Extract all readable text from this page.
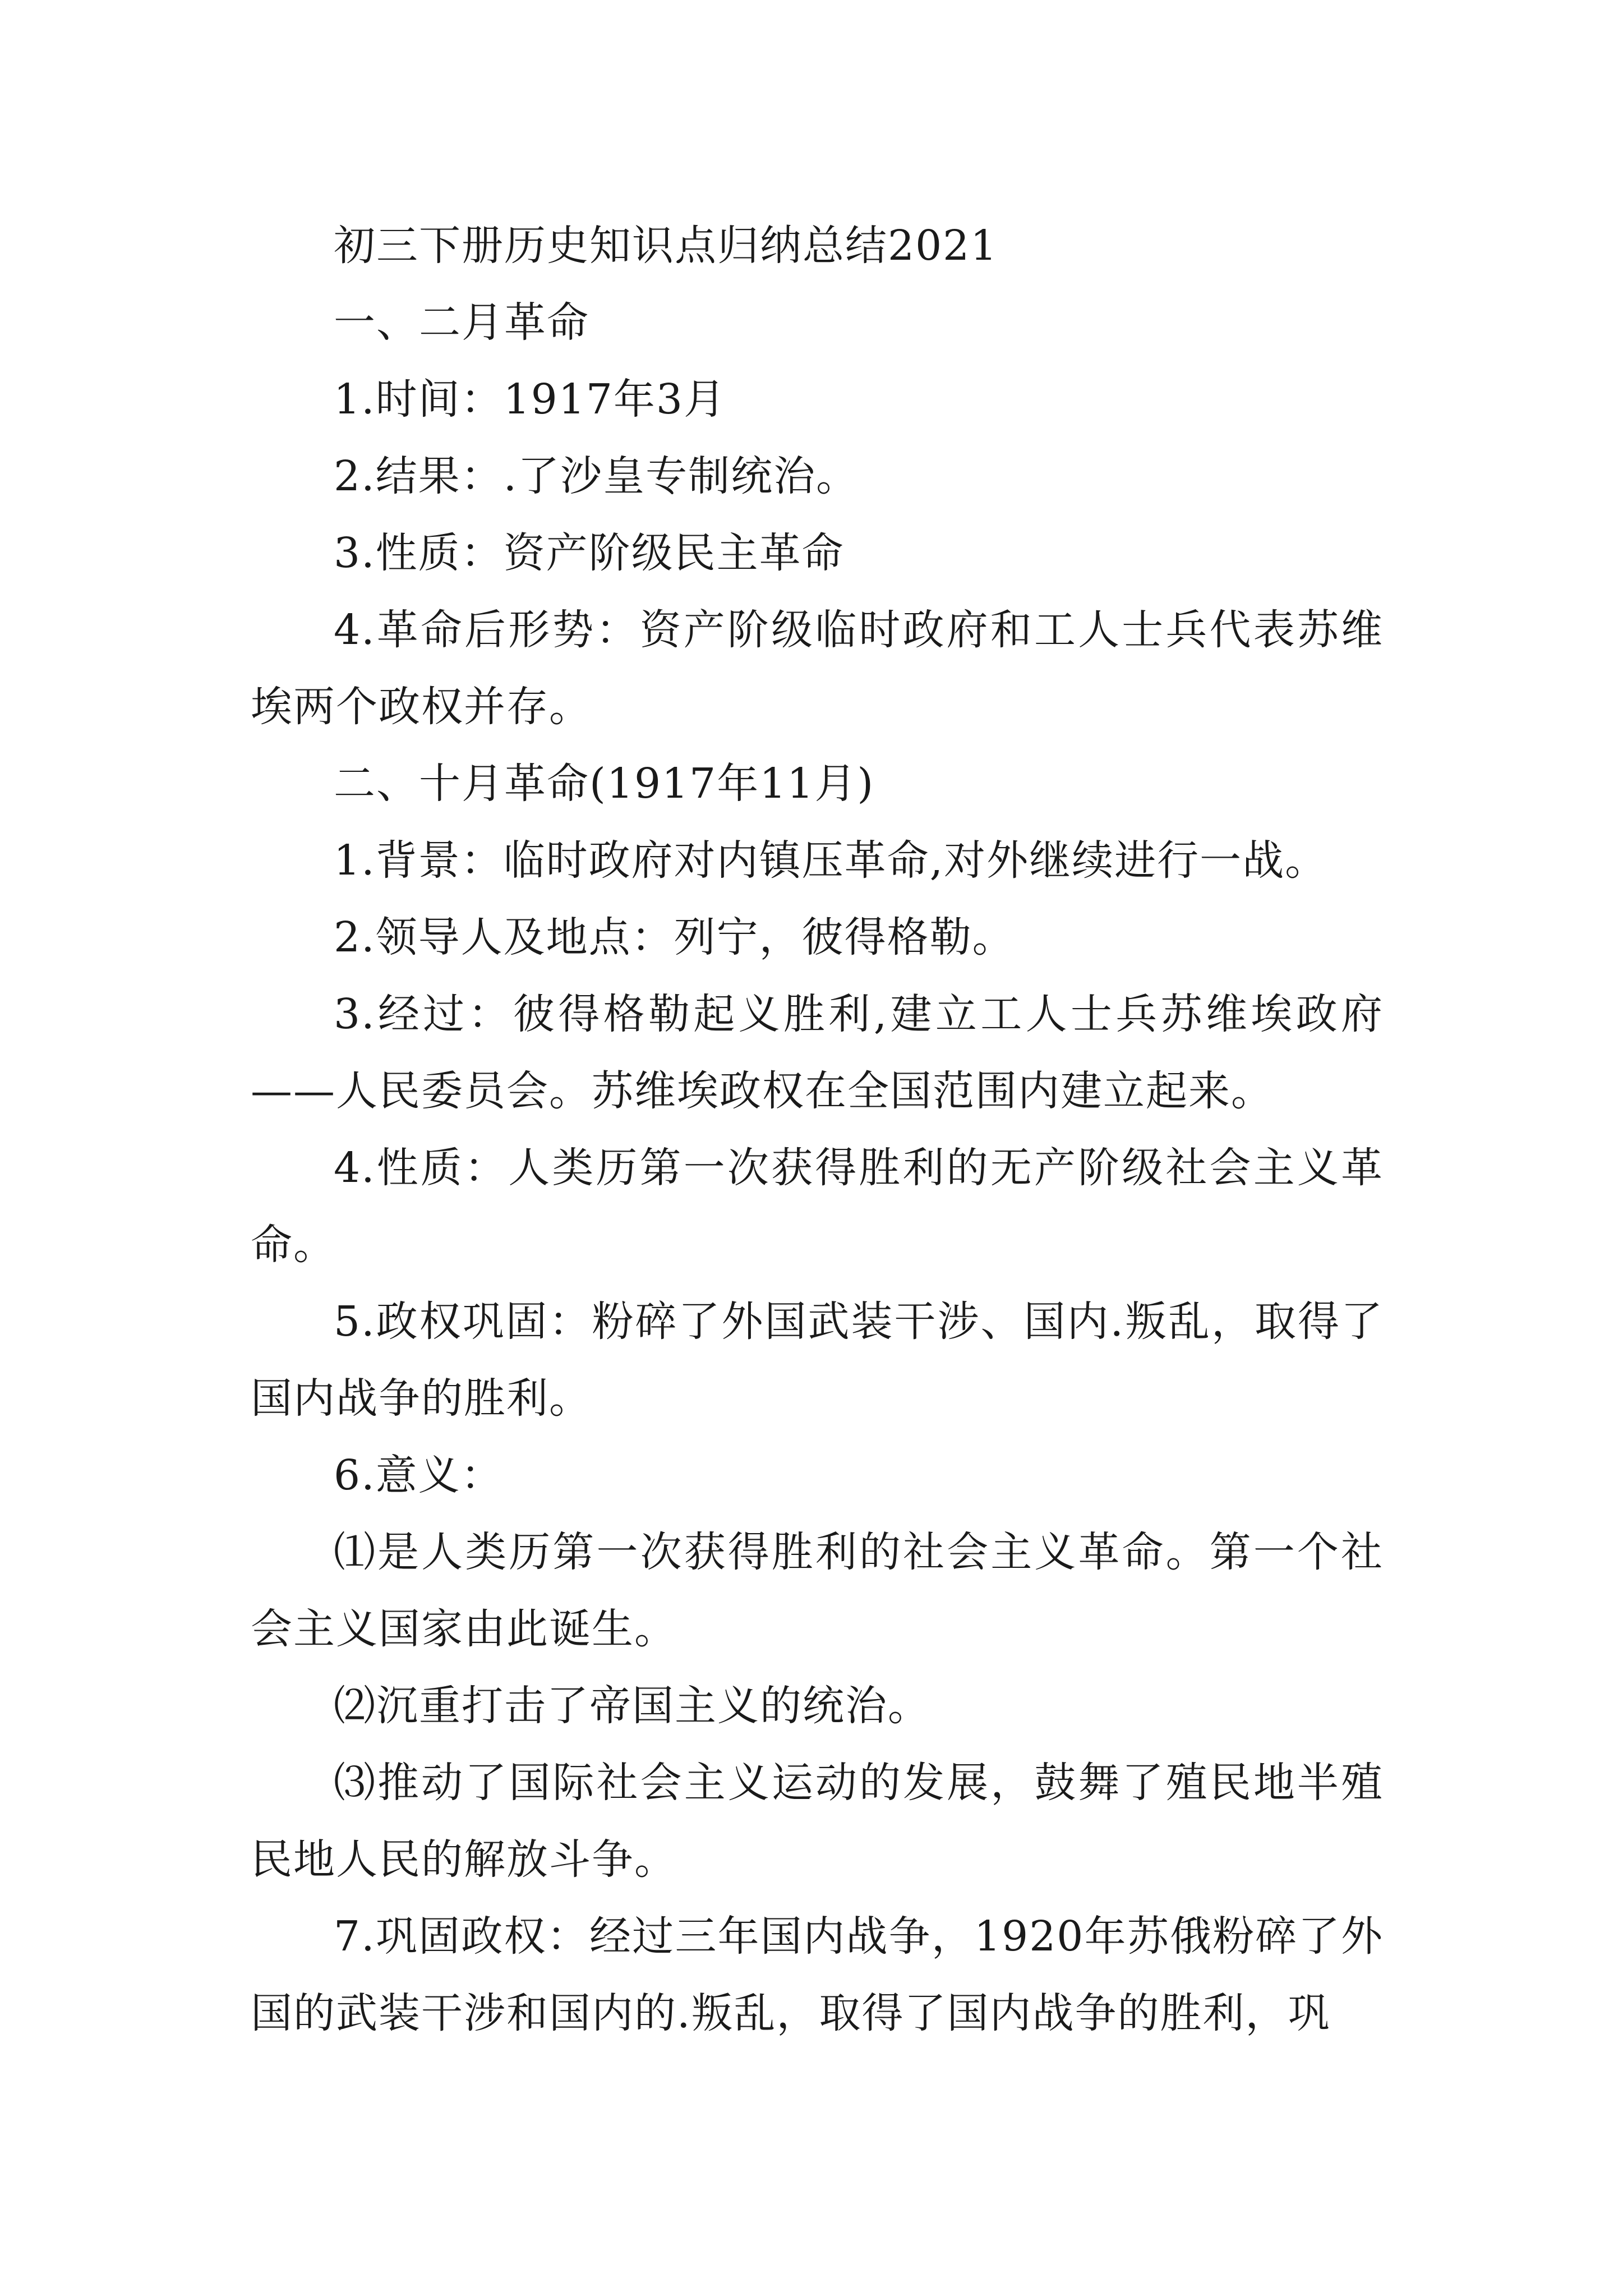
初三下册历史知识点归纳总结2021

一、二月革命

1.时间：1917年3月

2.结果：.了沙皇专制统治。

3.性质：资产阶级民主革命

4.革命后形势：资产阶级临时政府和工人士兵代表苏维埃两个政权并存。

二、十月革命(1917年11月)

1.背景：临时政府对内镇压革命,对外继续进行一战。

2.领导人及地点：列宁，彼得格勒。

3.经过：彼得格勒起义胜利,建立工人士兵苏维埃政府——人民委员会。苏维埃政权在全国范围内建立起来。

4.性质：人类历第一次获得胜利的无产阶级社会主义革命。

5.政权巩固：粉碎了外国武装干涉、国内.叛乱，取得了国内战争的胜利。

6.意义：

⑴是人类历第一次获得胜利的社会主义革命。第一个社会主义国家由此诞生。

⑵沉重打击了帝国主义的统治。

⑶推动了国际社会主义运动的发展，鼓舞了殖民地半殖民地人民的解放斗争。

7.巩固政权：经过三年国内战争，1920年苏俄粉碎了外国的武装干涉和国内的.叛乱，取得了国内战争的胜利，巩
